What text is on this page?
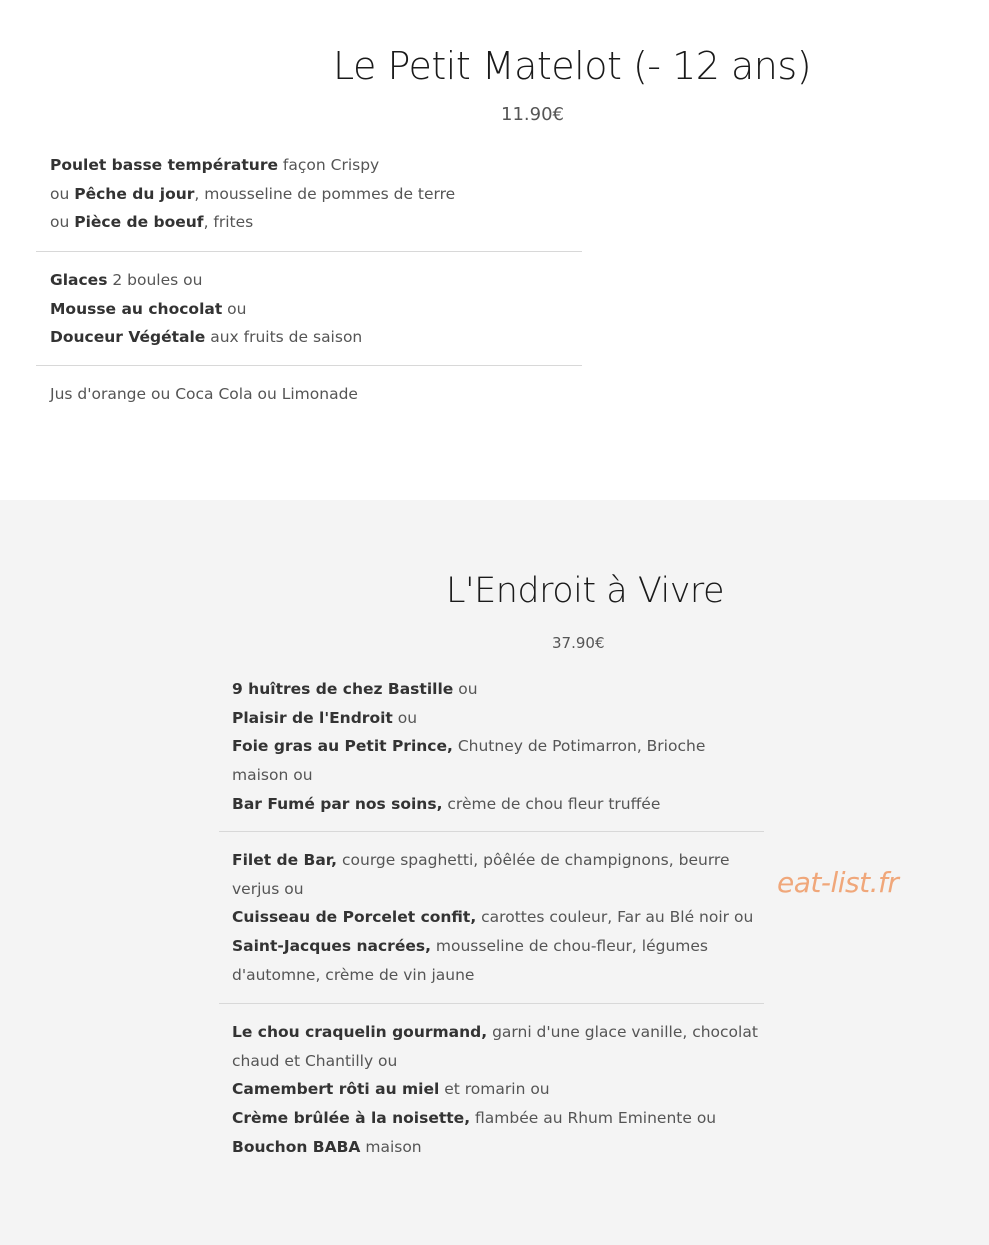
Le Petit Matelot (- 12 ans)

11.90€

Poulet basse température façon Crispy

ou Pêche du jour, mousseline de pommes de terre

ou Pièce de boeuf, frites

Glaces 2 boules ou

Mousse au chocolat ou

Douceur Végétale aux fruits de saison

Jus d'orange ou Coca Cola ou Limonade

L'Endroit à Vivre

37.90€

9 huîtres de chez Bastille ou

Plaisir de l'Endroit ou

Foie gras au Petit Prince, Chutney de Potimarron, Brioche

maison ou

Bar Fumé par nos soins, crème de chou fleur truffée

Filet de Bar, courge spaghetti, pôêlée de champignons, beurre

verjus ou

Cuisseau de Porcelet confit, carottes couleur, Far au Blé noir ou

Saint-Jacques nacrées, mousseline de chou-fleur, légumes

d'automne, crème de vin jaune

Le chou craquelin gourmand, garni d'une glace vanille, chocolat

chaud et Chantilly ou

Camembert rôti au miel et romarin ou

Crème brûlée à la noisette, flambée au Rhum Eminente ou

Bouchon BABA maison

eat-list.fr
